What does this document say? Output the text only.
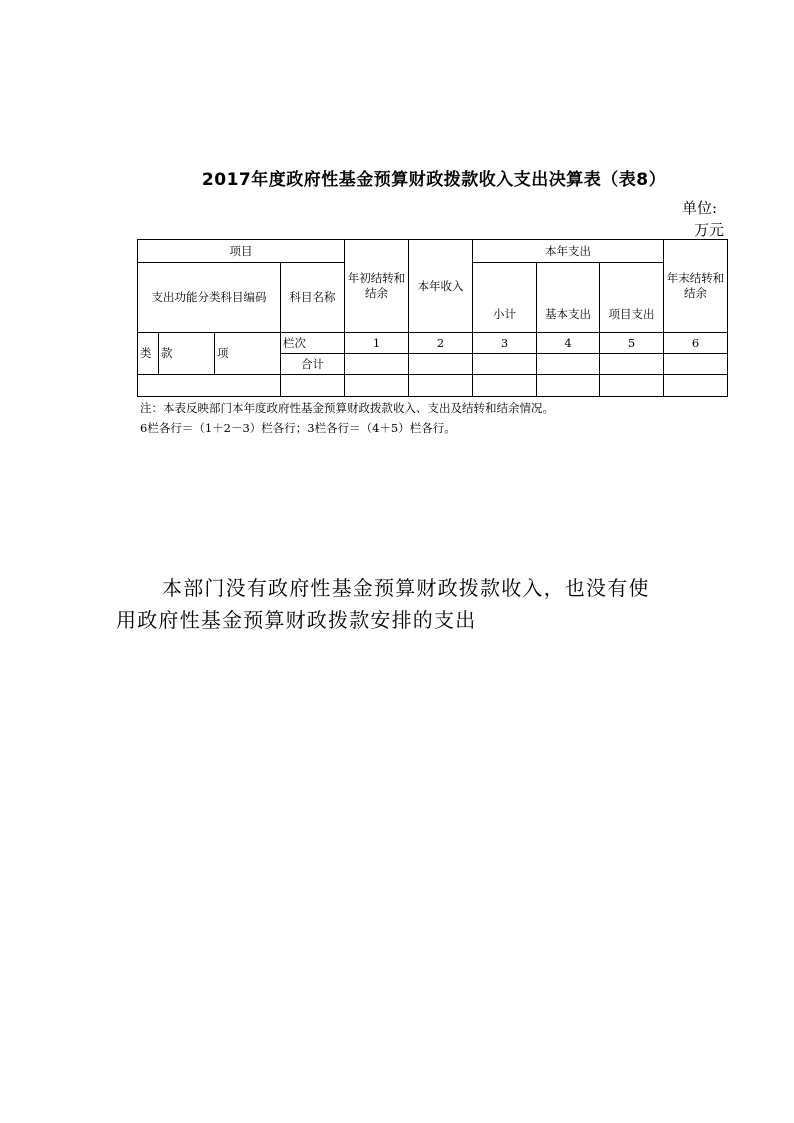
2017年度政府性基金预算财政拨款收入支出决算表（表8）
单位:
万元
项目				年初结转和结余	本年收入	本年支出			年末结转和结余
支出功能分类科目编码			科目名称			小计	基本支出	项目支出	
类	款	项	栏次	1	2	3	4	5	6
			合计						

注：本表反映部门本年度政府性基金预算财政拨款收入、支出及结转和结余情况。
6栏各行＝（1＋2－3）栏各行；3栏各行＝（4＋5）栏各行。
本部门没有政府性基金预算财政拨款收入，也没有使
用政府性基金预算财政拨款安排的支出
